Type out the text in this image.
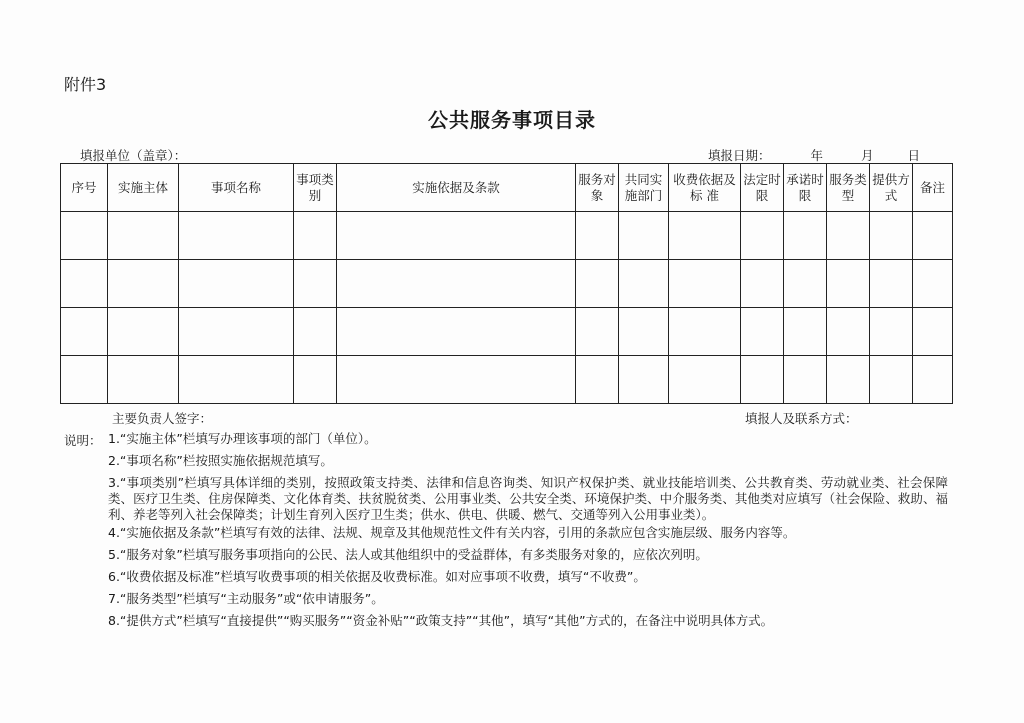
附件3
公共服务事项目录
填报单位（盖章）：	填报日期：	年	月	日
序号	实施主体	事项名称	事项类别	实施依据及条款	服务对象	共同实施部门	收费依据及标 准	法定时限	承诺时限	服务类型	提供方式	备注

主要负责人签字：	填报人及联系方式：
说明： 1.“实施主体”栏填写办理该事项的部门（单位）。
2.“事项名称”栏按照实施依据规范填写。
3.“事项类别”栏填写具体详细的类别，按照政策支持类、法律和信息咨询类、知识产权保护类、就业技能培训类、公共教育类、劳动就业类、社会保障类、医疗卫生类、住房保障类、文化体育类、扶贫脱贫类、公用事业类、公共安全类、环境保护类、中介服务类、其他类对应填写（社会保险、救助、福利、养老等列入社会保障类；计划生育列入医疗卫生类；供水、供电、供暖、燃气、交通等列入公用事业类）。
4.“实施依据及条款”栏填写有效的法律、法规、规章及其他规范性文件有关内容，引用的条款应包含实施层级、服务内容等。
5.“服务对象”栏填写服务事项指向的公民、法人或其他组织中的受益群体，有多类服务对象的，应依次列明。
6.“收费依据及标准”栏填写收费事项的相关依据及收费标准。如对应事项不收费，填写“不收费”。
7.“服务类型”栏填写“主动服务”或“依申请服务”。
8.“提供方式”栏填写“直接提供”“购买服务”“资金补贴”“政策支持”“其他”，填写“其他”方式的，在备注中说明具体方式。
